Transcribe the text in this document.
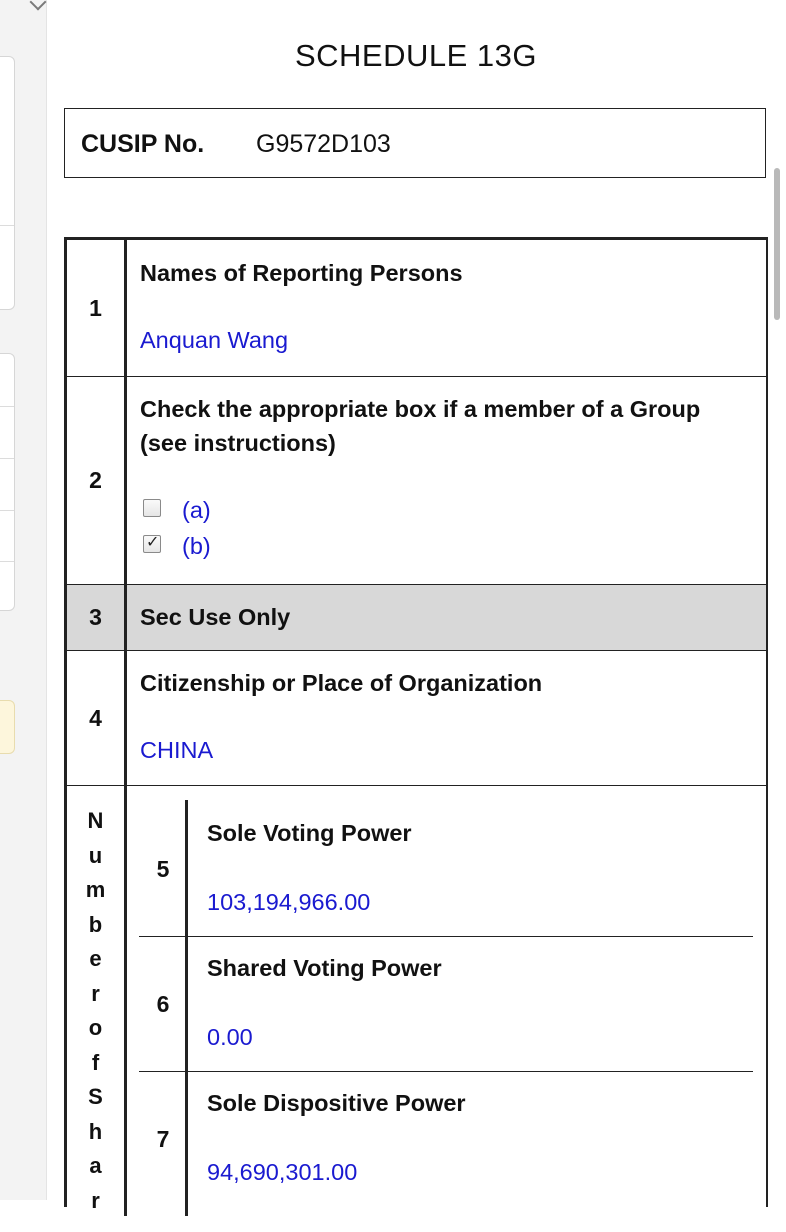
SCHEDULE 13G
CUSIP No. G9572D103
1
Names of Reporting Persons
Anquan Wang
2
Check the appropriate box if a member of a Group (see instructions)
(a)
✓ (b)
3	Sec Use Only
4
Citizenship or Place of Organization
CHINA
N
u
m
b
e
r
o
f
S
h
a
r
5
Sole Voting Power
103,194,966.00
6
Shared Voting Power
0.00
7
Sole Dispositive Power
94,690,301.00
